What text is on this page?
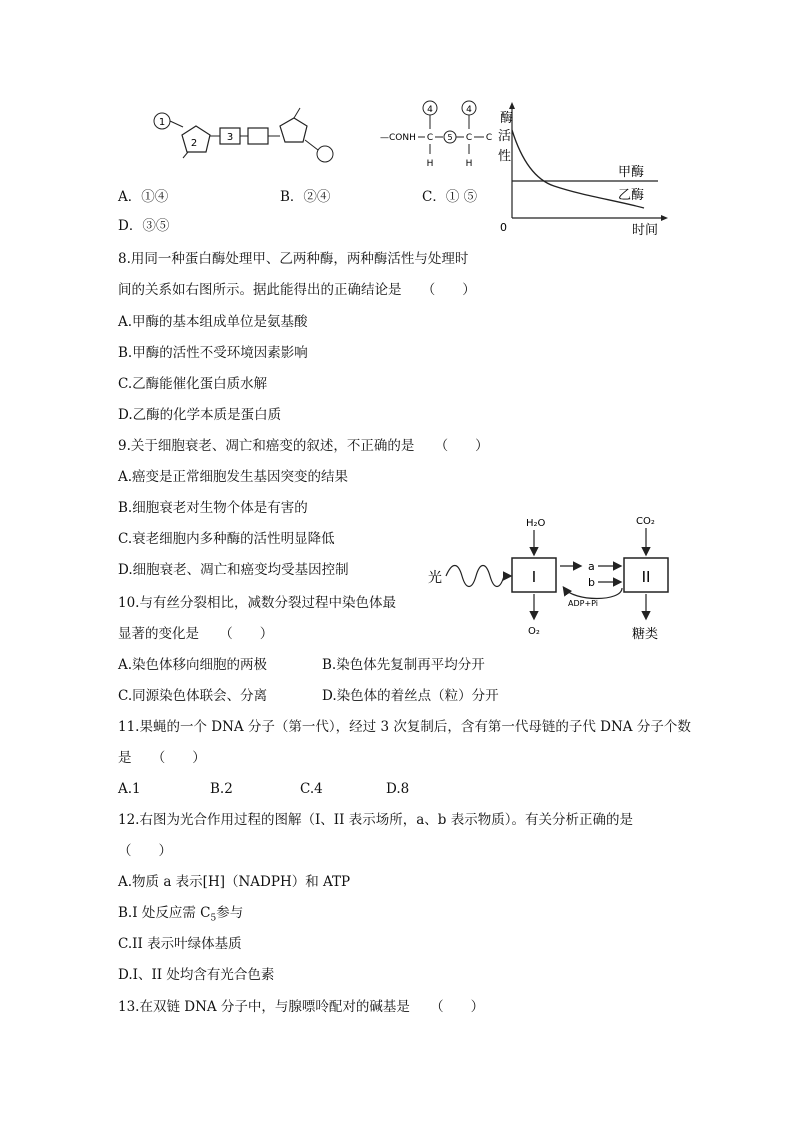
1
2
3	—CONH
4	4
C 5 C C
H	H
酶
活
性
0	时间
甲酶
乙酶
A．①④	B．②④	C．① ⑤
D．③⑤
8.用同一种蛋白酶处理甲、乙两种酶，两种酶活性与处理时
间的关系如右图所示。据此能得出的正确结论是　　（　　）
A.甲酶的基本组成单位是氨基酸
B.甲酶的活性不受环境因素影响
C.乙酶能催化蛋白质水解
D.乙酶的化学本质是蛋白质
9.关于细胞衰老、凋亡和癌变的叙述，不正确的是　　（　　）
A.癌变是正常细胞发生基因突变的结果
B.细胞衰老对生物个体是有害的
C.衰老细胞内多种酶的活性明显降低
D.细胞衰老、凋亡和癌变均受基因控制	光	I	II
H₂O	CO₂
a
b
ADP+Pi
O₂	糖类
10.与有丝分裂相比，减数分裂过程中染色体最
显著的变化是　　（　　）
A.染色体移向细胞的两极	B.染色体先复制再平均分开
C.同源染色体联会、分离	D.染色体的着丝点（粒）分开
11.果蝇的一个 DNA 分子（第一代），经过 3 次复制后，含有第一代母链的子代 DNA 分子个数
是　　（　　）
A.1	B.2	C.4	D.8
12.右图为光合作用过程的图解（I、II 表示场所，a、b 表示物质）。有关分析正确的是
（　　）
A.物质 a 表示[H]（NADPH）和 ATP
B.I 处反应需 $C_5$参与
C.II 表示叶绿体基质
D.I、II 处均含有光合色素
13.在双链 DNA 分子中，与腺嘌呤配对的碱基是　　（　　）
